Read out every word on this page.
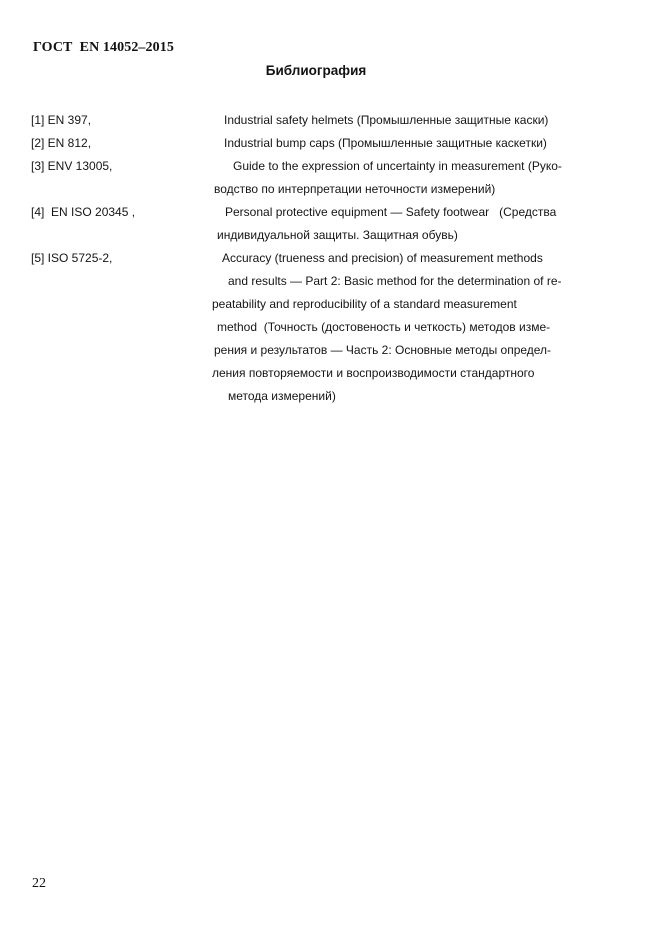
ГОСТ  EN 14052–2015
Библиография
[1] EN 397,	Industrial safety helmets (Промышленные защитные каски)
[2] EN 812,	Industrial bump caps (Промышленные защитные каскетки)
[3] ENV 13005,	Guide to the expression of uncertainty in measurement (Руко-
водство по интерпретации неточности измерений)
[4]  EN ISO 20345 ,	Personal protective equipment — Safety footwear   (Средства
индивидуальной защиты. Защитная обувь)
[5] ISO 5725-2,	Accuracy (trueness and precision) of measurement methods
and results — Part 2: Basic method for the determination of re-
peatability and reproducibility of a standard measurement
method  (Точность (достовеность и четкость) методов изме-
рения и результатов — Часть 2: Основные методы определ-
ления повторяемости и воспроизводимости стандартного
метода измерений)
22
